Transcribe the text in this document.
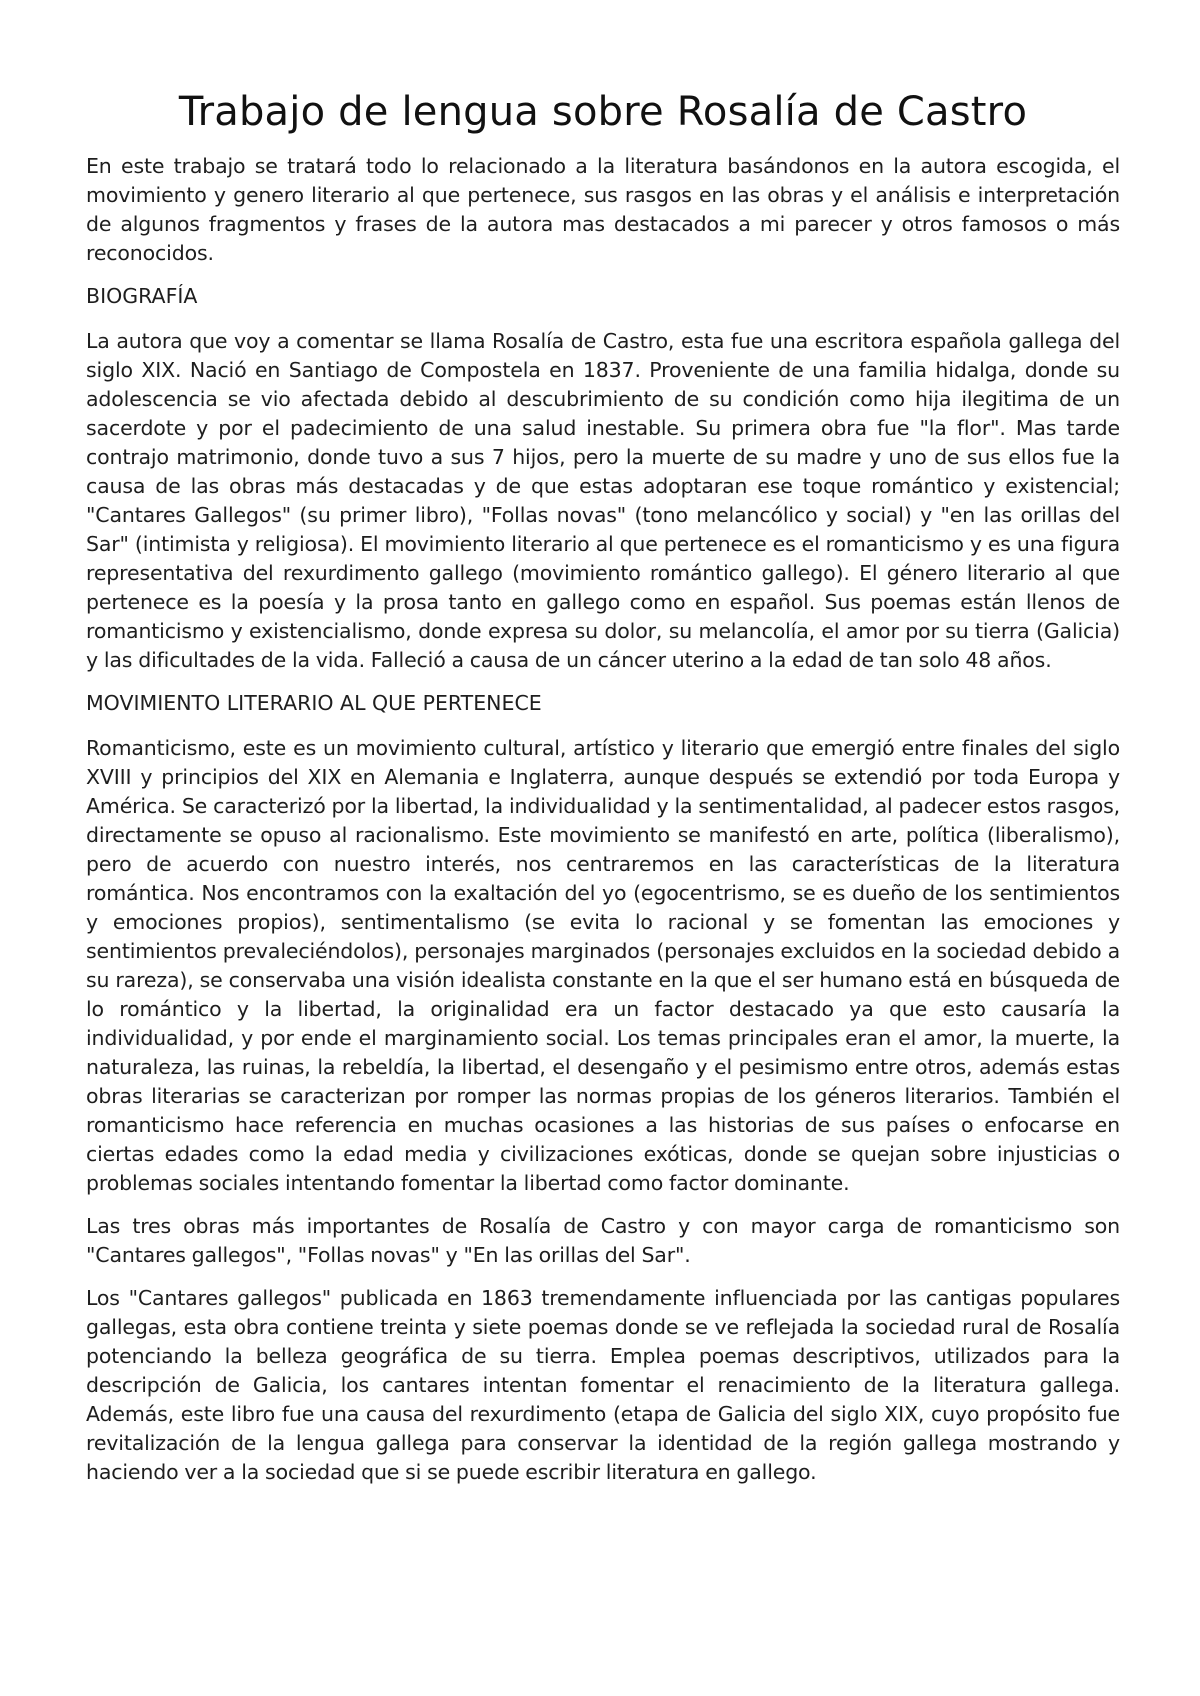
Trabajo de lengua sobre Rosalía de Castro

En este trabajo se tratará todo lo relacionado a la literatura basándonos en la autora escogida, el movimiento y genero literario al que pertenece, sus rasgos en las obras y el análisis e interpretación de algunos fragmentos y frases de la autora mas destacados a mi parecer y otros famosos o más reconocidos.

BIOGRAFÍA

La autora que voy a comentar se llama Rosalía de Castro, esta fue una escritora española gallega del siglo XIX. Nació en Santiago de Compostela en 1837. Proveniente de una familia hidalga, donde su adolescencia se vio afectada debido al descubrimiento de su condición como hija ilegitima de un sacerdote y por el padecimiento de una salud inestable. Su primera obra fue "la flor". Mas tarde contrajo matrimonio, donde tuvo a sus 7 hijos, pero la muerte de su madre y uno de sus ellos fue la causa de las obras más destacadas y de que estas adoptaran ese toque romántico y existencial; "Cantares Gallegos" (su primer libro), "Follas novas" (tono melancólico y social) y "en las orillas del Sar" (intimista y religiosa). El movimiento literario al que pertenece es el romanticismo y es una figura representativa del rexurdimento gallego (movimiento romántico gallego). El género literario al que pertenece es la poesía y la prosa tanto en gallego como en español. Sus poemas están llenos de romanticismo y existencialismo, donde expresa su dolor, su melancolía, el amor por su tierra (Galicia) y las dificultades de la vida. Falleció a causa de un cáncer uterino a la edad de tan solo 48 años.

MOVIMIENTO LITERARIO AL QUE PERTENECE

Romanticismo, este es un movimiento cultural, artístico y literario que emergió entre finales del siglo XVIII y principios del XIX en Alemania e Inglaterra, aunque después se extendió por toda Europa y América. Se caracterizó por la libertad, la individualidad y la sentimentalidad, al padecer estos rasgos, directamente se opuso al racionalismo. Este movimiento se manifestó en arte, política (liberalismo), pero de acuerdo con nuestro interés, nos centraremos en las características de la literatura romántica. Nos encontramos con la exaltación del yo (egocentrismo, se es dueño de los sentimientos y emociones propios), sentimentalismo (se evita lo racional y se fomentan las emociones y sentimientos prevaleciéndolos), personajes marginados (personajes excluidos en la sociedad debido a su rareza), se conservaba una visión idealista constante en la que el ser humano está en búsqueda de lo romántico y la libertad, la originalidad era un factor destacado ya que esto causaría la individualidad, y por ende el marginamiento social. Los temas principales eran el amor, la muerte, la naturaleza, las ruinas, la rebeldía, la libertad, el desengaño y el pesimismo entre otros, además estas obras literarias se caracterizan por romper las normas propias de los géneros literarios. También el romanticismo hace referencia en muchas ocasiones a las historias de sus países o enfocarse en ciertas edades como la edad media y civilizaciones exóticas, donde se quejan sobre injusticias o problemas sociales intentando fomentar la libertad como factor dominante.

Las tres obras más importantes de Rosalía de Castro y con mayor carga de romanticismo son "Cantares gallegos", "Follas novas" y "En las orillas del Sar".

Los "Cantares gallegos" publicada en 1863 tremendamente influenciada por las cantigas populares gallegas, esta obra contiene treinta y siete poemas donde se ve reflejada la sociedad rural de Rosalía potenciando la belleza geográfica de su tierra. Emplea poemas descriptivos, utilizados para la descripción de Galicia, los cantares intentan fomentar el renacimiento de la literatura gallega. Además, este libro fue una causa del rexurdimento (etapa de Galicia del siglo XIX, cuyo propósito fue revitalización de la lengua gallega para conservar la identidad de la región gallega mostrando y haciendo ver a la sociedad que si se puede escribir literatura en gallego.
